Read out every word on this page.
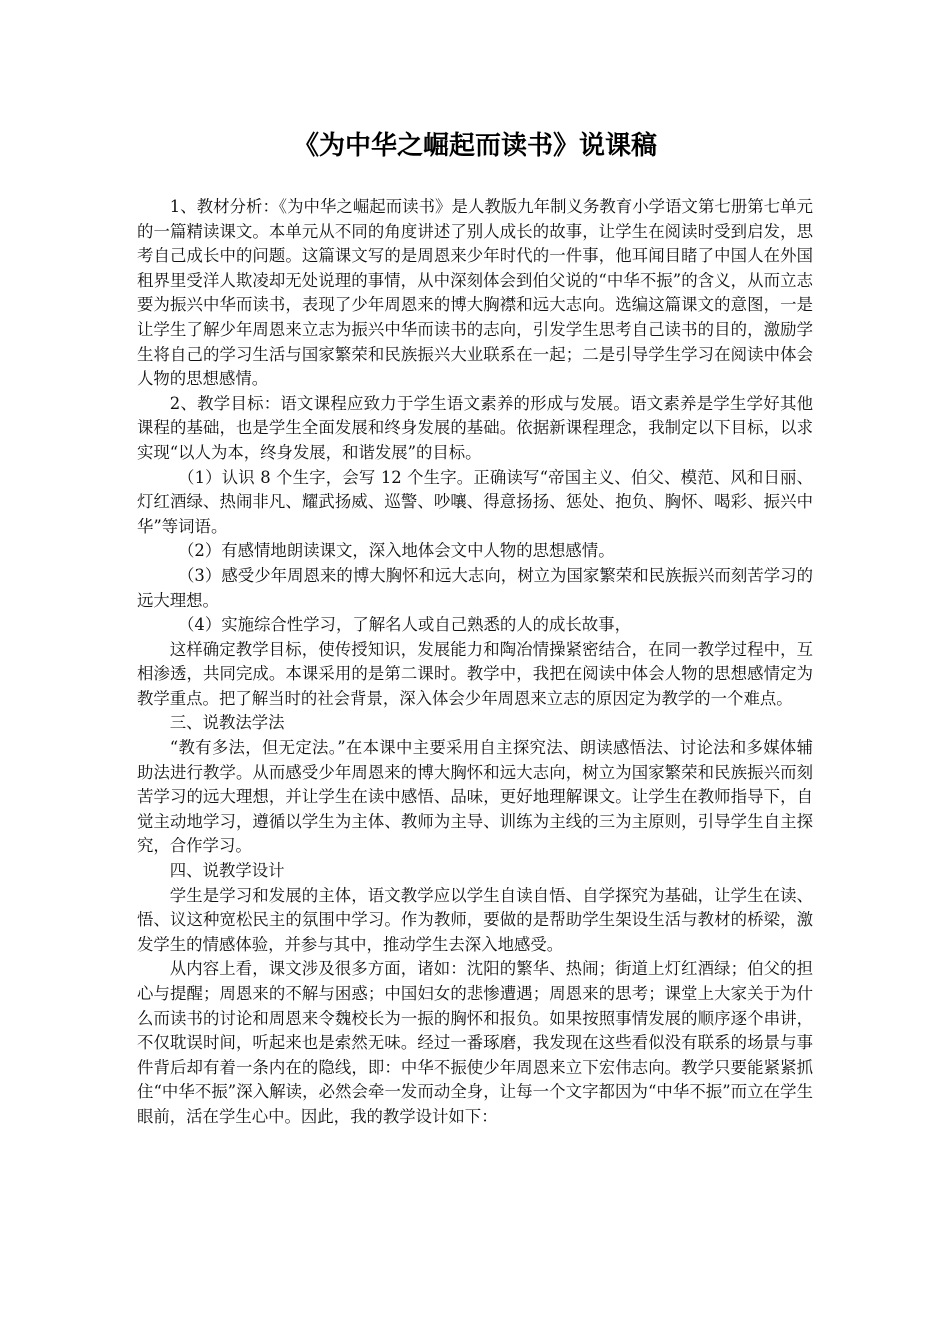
《为中华之崛起而读书》说课稿

1、教材分析：《为中华之崛起而读书》是人教版九年制义务教育小学语文第七册第七单元的一篇精读课文。本单元从不同的角度讲述了别人成长的故事，让学生在阅读时受到启发，思考自己成长中的问题。这篇课文写的是周恩来少年时代的一件事，他耳闻目睹了中国人在外国租界里受洋人欺凌却无处说理的事情，从中深刻体会到伯父说的“中华不振”的含义，从而立志要为振兴中华而读书，表现了少年周恩来的博大胸襟和远大志向。选编这篇课文的意图，一是让学生了解少年周恩来立志为振兴中华而读书的志向，引发学生思考自己读书的目的，激励学生将自己的学习生活与国家繁荣和民族振兴大业联系在一起；二是引导学生学习在阅读中体会人物的思想感情。

2、教学目标：语文课程应致力于学生语文素养的形成与发展。语文素养是学生学好其他课程的基础，也是学生全面发展和终身发展的基础。依据新课程理念，我制定以下目标，以求实现“以人为本，终身发展，和谐发展”的目标。

（1）认识 8 个生字，会写 12 个生字。正确读写“帝国主义、伯父、模范、风和日丽、灯红酒绿、热闹非凡、耀武扬威、巡警、吵嚷、得意扬扬、惩处、抱负、胸怀、喝彩、振兴中华”等词语。

（2）有感情地朗读课文，深入地体会文中人物的思想感情。

（3）感受少年周恩来的博大胸怀和远大志向，树立为国家繁荣和民族振兴而刻苦学习的远大理想。

（4）实施综合性学习，了解名人或自己熟悉的人的成长故事，

这样确定教学目标，使传授知识，发展能力和陶冶情操紧密结合，在同一教学过程中，互相渗透，共同完成。本课采用的是第二课时。教学中，我把在阅读中体会人物的思想感情定为教学重点。把了解当时的社会背景，深入体会少年周恩来立志的原因定为教学的一个难点。

三、说教法学法

“教有多法，但无定法。”在本课中主要采用自主探究法、朗读感悟法、讨论法和多媒体辅助法进行教学。从而感受少年周恩来的博大胸怀和远大志向，树立为国家繁荣和民族振兴而刻苦学习的远大理想，并让学生在读中感悟、品味，更好地理解课文。让学生在教师指导下，自觉主动地学习，遵循以学生为主体、教师为主导、训练为主线的三为主原则，引导学生自主探究，合作学习。

四、说教学设计

学生是学习和发展的主体，语文教学应以学生自读自悟、自学探究为基础，让学生在读、悟、议这种宽松民主的氛围中学习。作为教师，要做的是帮助学生架设生活与教材的桥梁，激发学生的情感体验，并参与其中，推动学生去深入地感受。

从内容上看，课文涉及很多方面，诸如：沈阳的繁华、热闹；街道上灯红酒绿；伯父的担心与提醒；周恩来的不解与困惑；中国妇女的悲惨遭遇；周恩来的思考；课堂上大家关于为什么而读书的讨论和周恩来令魏校长为一振的胸怀和报负。如果按照事情发展的顺序逐个串讲，不仅耽误时间，听起来也是索然无味。经过一番琢磨，我发现在这些看似没有联系的场景与事件背后却有着一条内在的隐线，即：中华不振使少年周恩来立下宏伟志向。教学只要能紧紧抓住“中华不振”深入解读，必然会牵一发而动全身，让每一个文字都因为“中华不振”而立在学生眼前，活在学生心中。因此，我的教学设计如下：
